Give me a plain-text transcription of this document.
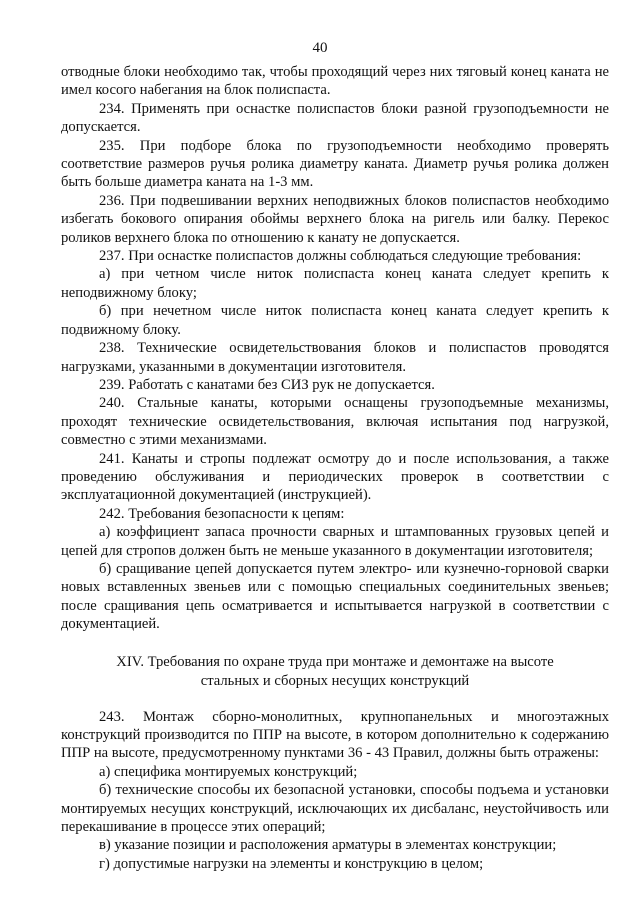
40

отводные блоки необходимо так, чтобы проходящий через них тяговый конец каната не имел косого набегания на блок полиспаста.

234. Применять при оснастке полиспастов блоки разной грузоподъемности не допускается.

235. При подборе блока по грузоподъемности необходимо проверять соответствие размеров ручья ролика диаметру каната. Диаметр ручья ролика должен быть больше диаметра каната на 1-3 мм.

236. При подвешивании верхних неподвижных блоков полиспастов необходимо избегать бокового опирания обоймы верхнего блока на ригель или балку. Перекос роликов верхнего блока по отношению к канату не допускается.

237. При оснастке полиспастов должны соблюдаться следующие требования:

а) при четном числе ниток полиспаста конец каната следует крепить к неподвижному блоку;

б) при нечетном числе ниток полиспаста конец каната следует крепить к подвижному блоку.

238. Технические освидетельствования блоков и полиспастов проводятся нагрузками, указанными в документации изготовителя.

239. Работать с канатами без СИЗ рук не допускается.

240. Стальные канаты, которыми оснащены грузоподъемные механизмы, проходят технические освидетельствования, включая испытания под нагрузкой, совместно с этими механизмами.

241. Канаты и стропы подлежат осмотру до и после использования, а также проведению обслуживания и периодических проверок в соответствии с эксплуатационной документацией (инструкцией).

242. Требования безопасности к цепям:

а) коэффициент запаса прочности сварных и штампованных грузовых цепей и цепей для стропов должен быть не меньше указанного в документации изготовителя;

б) сращивание цепей допускается путем электро- или кузнечно-горновой сварки новых вставленных звеньев или с помощью специальных соединительных звеньев; после сращивания цепь осматривается и испытывается нагрузкой в соответствии с документацией.

XIV. Требования по охране труда при монтаже и демонтаже на высоте стальных и сборных несущих конструкций

243. Монтаж сборно-монолитных, крупнопанельных и многоэтажных конструкций производится по ППР на высоте, в котором дополнительно к содержанию ППР на высоте, предусмотренному пунктами 36 - 43 Правил, должны быть отражены:

а) специфика монтируемых конструкций;

б) технические способы их безопасной установки, способы подъема и установки монтируемых несущих конструкций, исключающих их дисбаланс, неустойчивость или перекашивание в процессе этих операций;

в) указание позиции и расположения арматуры в элементах конструкции;

г) допустимые нагрузки на элементы и конструкцию в целом;
